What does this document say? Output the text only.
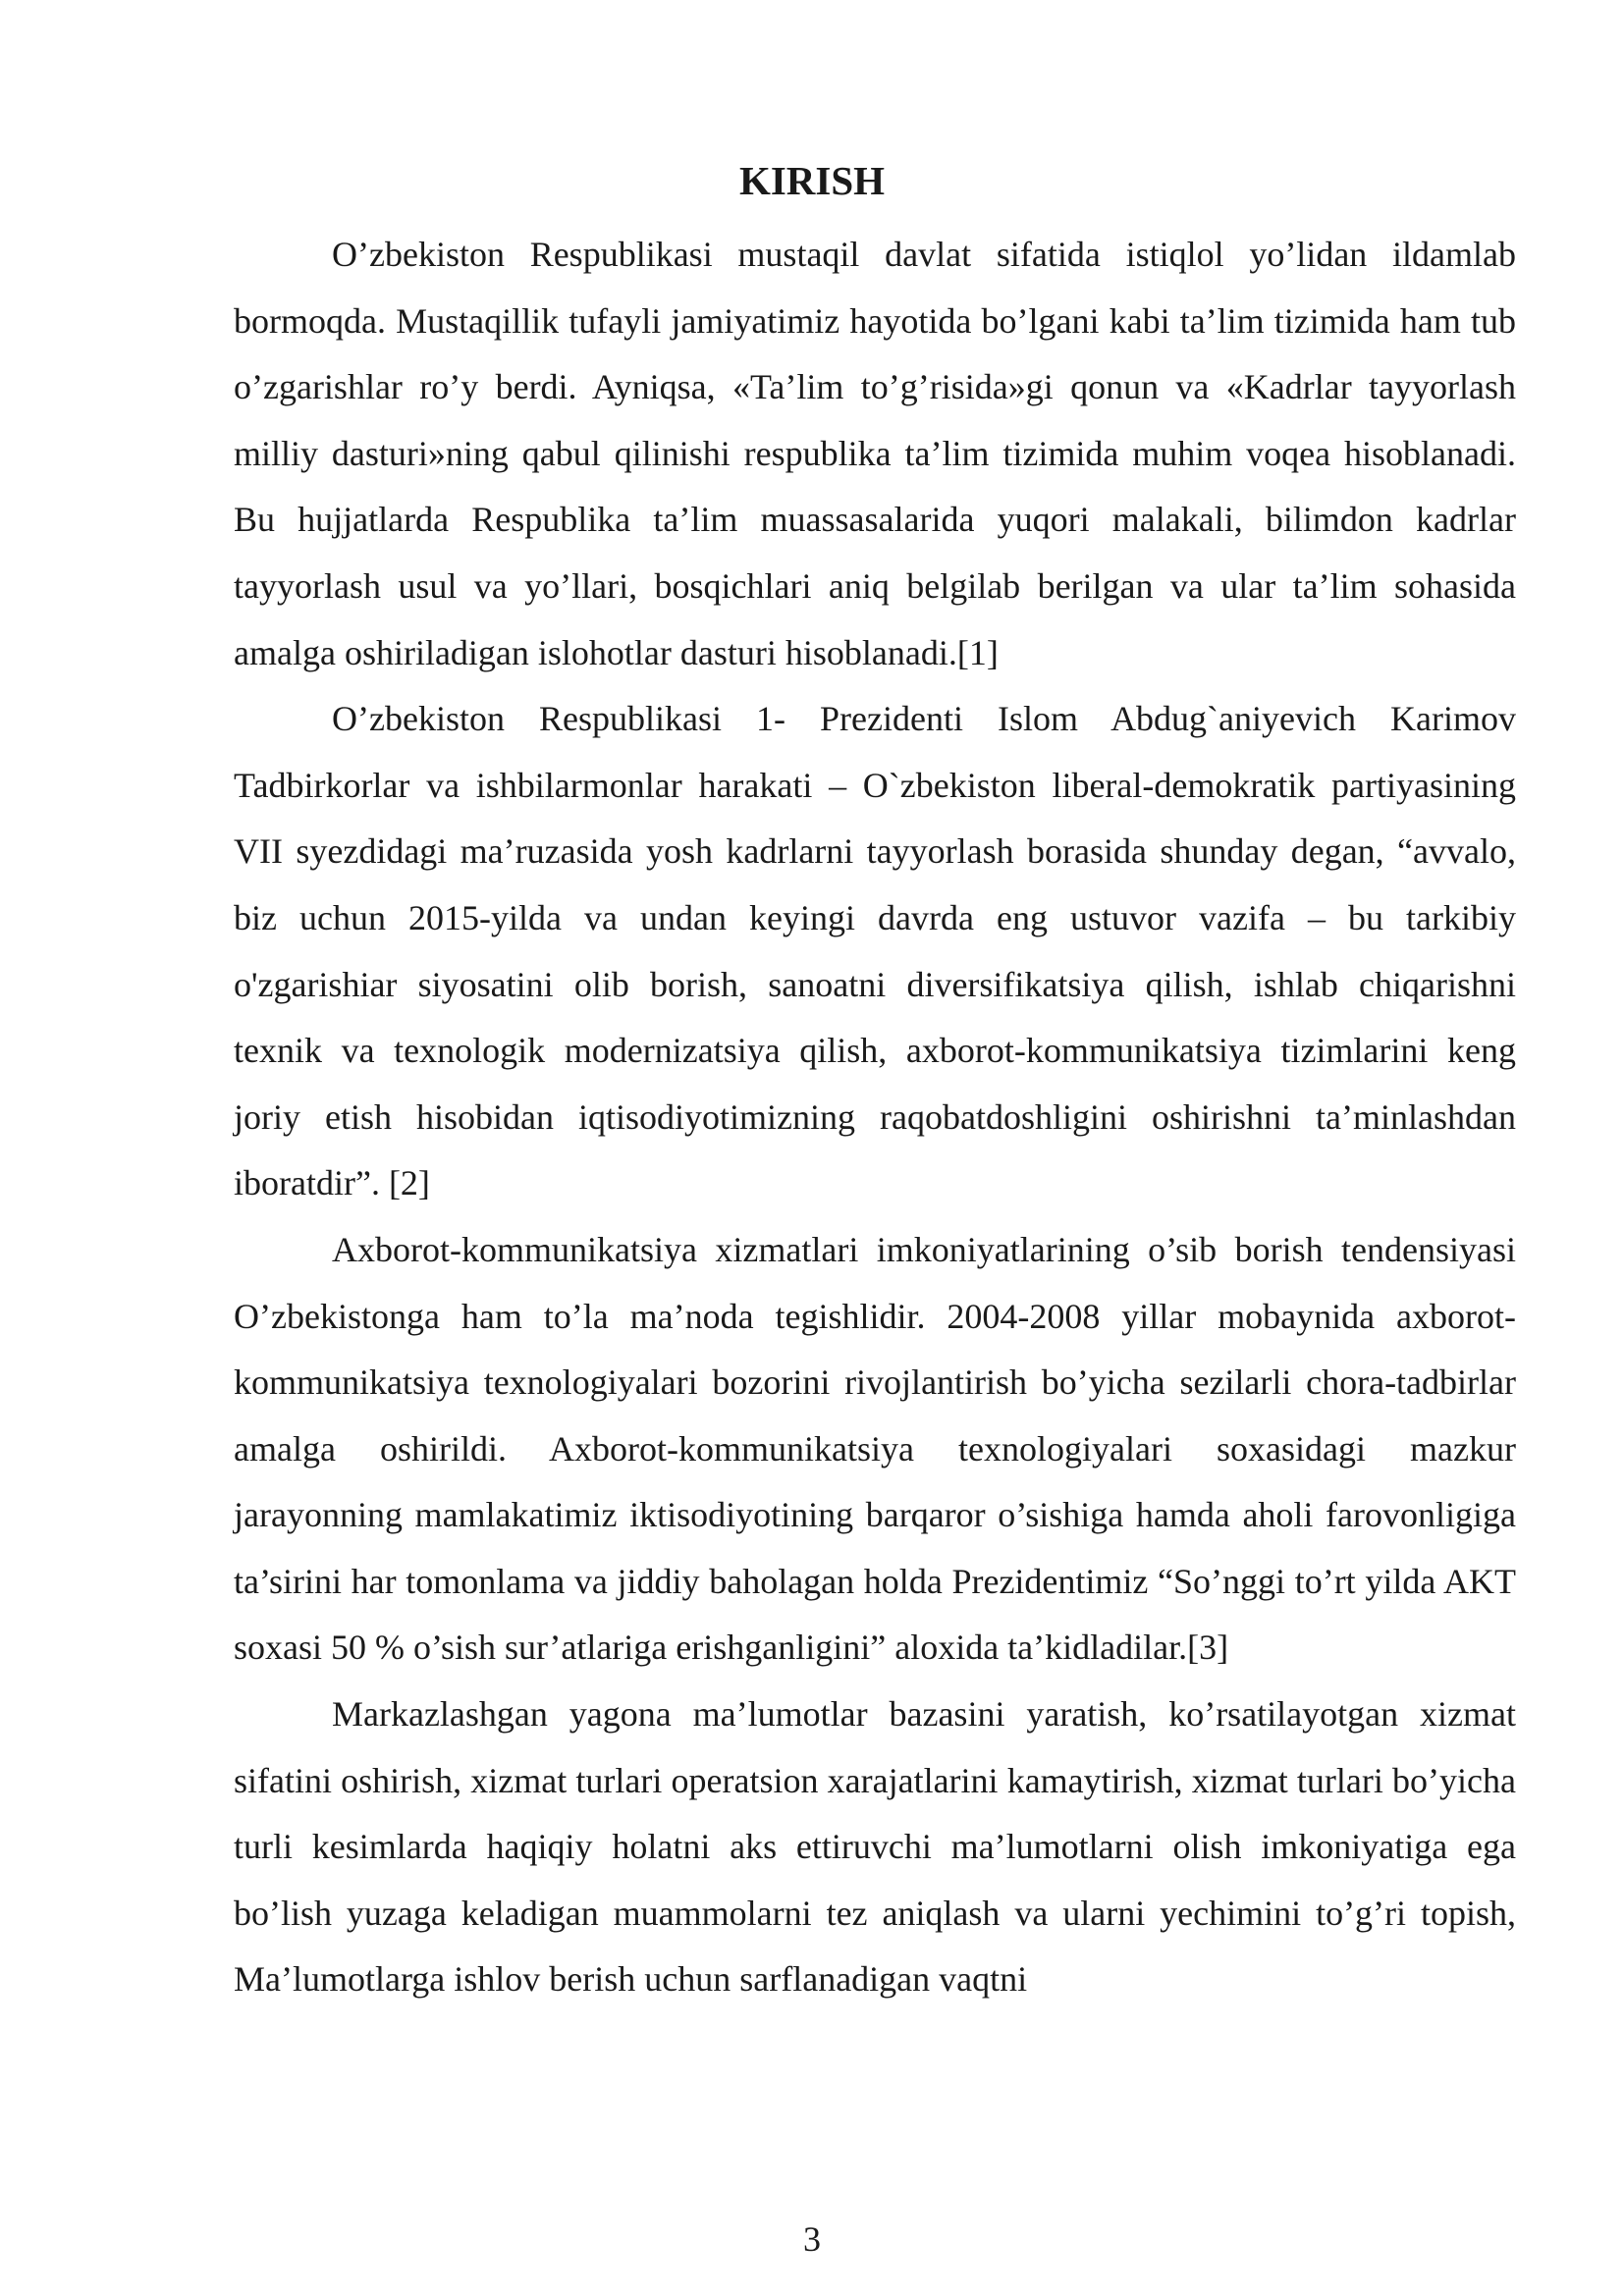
KIRISH

O’zbekiston Respublikasi mustaqil davlat sifatida istiqlol yo’lidan ildamlab bormoqda. Mustaqillik tufayli jamiyatimiz hayotida bo’lgani kabi ta’lim tizimida ham tub o’zgarishlar ro’y berdi. Ayniqsa, «Ta’lim to’g’risida»gi qonun va «Kadrlar tayyorlash milliy dasturi»ning qabul qilinishi respublika ta’lim tizimida muhim voqea hisoblanadi. Bu hujjatlarda Respublika ta’lim muassasalarida yuqori malakali, bilimdon kadrlar tayyorlash usul va yo’llari, bosqichlari aniq belgilab berilgan va ular ta’lim sohasida amalga oshiriladigan islohotlar dasturi hisoblanadi.[1]

O’zbekiston Respublikasi 1- Prezidenti Islom Abdug`aniyevich Karimov Tadbirkorlar va ishbilarmonlar harakati – O`zbekiston liberal-demokratik partiyasining VII syezdidagi ma’ruzasida yosh kadrlarni tayyorlash borasida shunday degan, “avvalo, biz uchun 2015-yilda va undan keyingi davrda eng ustuvor vazifa – bu tarkibiy o'zgarishiar siyosatini olib borish, sanoatni diversifikatsiya qilish, ishlab chiqarishni texnik va texnologik modernizatsiya qilish, axborot-kommunikatsiya tizimlarini keng joriy etish hisobidan iqtisodiyotimizning raqobatdoshligini oshirishni ta’minlashdan iboratdir”. [2]

Axborot-kommunikatsiya xizmatlari imkoniyatlarining o’sib borish tendensiyasi O’zbekistonga ham to’la ma’noda tegishlidir. 2004-2008 yillar mobaynida axborot-kommunikatsiya texnologiyalari bozorini rivojlantirish bo’yicha sezilarli chora-tadbirlar amalga oshirildi. Axborot-kommunikatsiya texnologiyalari soxasidagi mazkur jarayonning mamlakatimiz iktisodiyotining barqaror o’sishiga hamda aholi farovonligiga ta’sirini har tomonlama va jiddiy baholagan holda Prezidentimiz “So’nggi to’rt yilda AKT soxasi 50 % o’sish sur’atlariga erishganligini” aloxida ta’kidladilar.[3]

Markazlashgan yagona ma’lumotlar bazasini yaratish, ko’rsatilayotgan xizmat sifatini oshirish, xizmat turlari operatsion xarajatlarini kamaytirish, xizmat turlari bo’yicha turli kesimlarda haqiqiy holatni aks ettiruvchi ma’lumotlarni olish imkoniyatiga ega bo’lish yuzaga keladigan muammolarni tez aniqlash va ularni yechimini to’g’ri topish, Ma’lumotlarga ishlov berish uchun sarflanadigan vaqtni

3
